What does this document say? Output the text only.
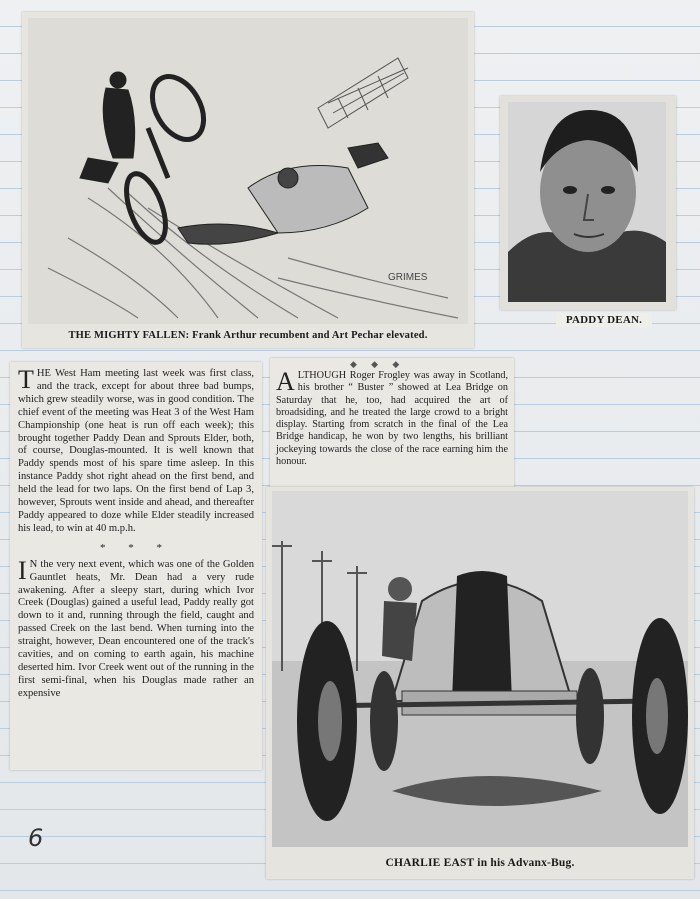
GRIMES
THE MIGHTY FALLEN: Frank Arthur recumbent and Art Pechar elevated.
PADDY DEAN.

T HE West Ham meeting last week was first class, and the track, except for about three bad bumps, which grew steadily worse, was in good condition. The chief event of the meeting was Heat 3 of the West Ham Championship (one heat is run off each week); this brought together Paddy Dean and Sprouts Elder, both, of course, Douglas-mounted. It is well known that Paddy spends most of his spare time asleep. In this instance Paddy shot right ahead on the first bend, and held the lead for two laps. On the first bend of Lap 3, however, Sprouts went inside and ahead, and thereafter Paddy appeared to doze while Elder steadily increased his lead, to win at 40 m.p.h.

* * *

I N the very next event, which was one of the Golden Gauntlet heats, Mr. Dean had a very rude awakening. After a sleepy start, during which Ivor Creek (Douglas) gained a useful lead, Paddy really got down to it and, running through the field, caught and passed Creek on the last bend. When turning into the straight, however, Dean encountered one of the track's cavities, and on coming to earth again, his machine deserted him. Ivor Creek went out of the running in the first semi-final, when his Douglas made rather an expensive

◆ ◆ ◆

A LTHOUGH Roger Frogley was away in Scotland, his brother “ Buster ” showed at Lea Bridge on Saturday that he, too, had acquired the art of broadsiding, and he treated the large crowd to a bright display. Starting from scratch in the final of the Lea Bridge handicap, he won by two lengths, his brilliant jockeying towards the close of the race earning him the honour.

CHARLIE EAST in his Advanx-Bug.
6
